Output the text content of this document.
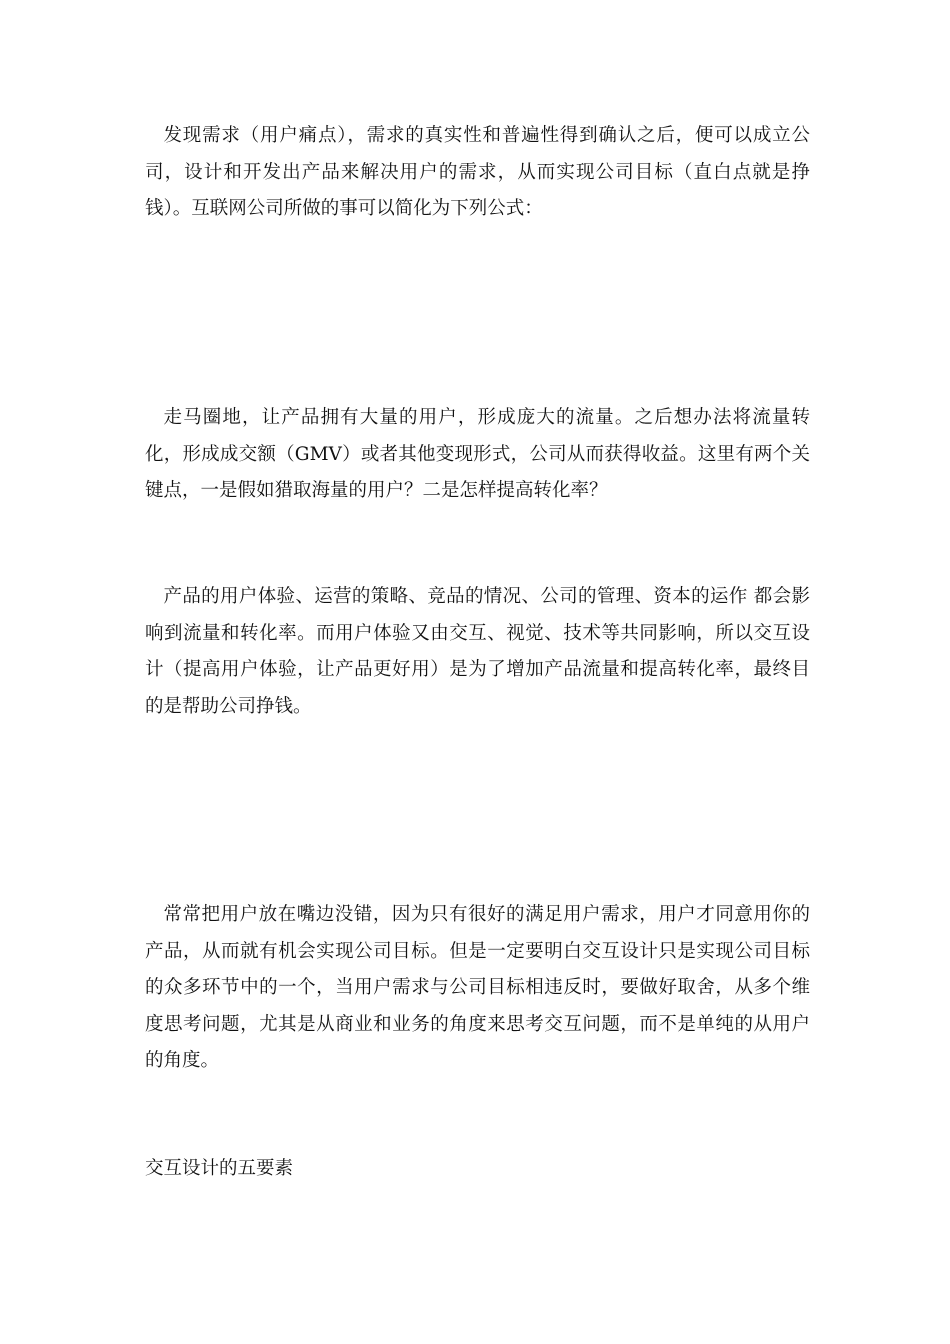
发现需求（用户痛点），需求的真实性和普遍性得到确认之后，便可以成立公司，设计和开发出产品来解决用户的需求，从而实现公司目标（直白点就是挣钱）。互联网公司所做的事可以简化为下列公式：

走马圈地，让产品拥有大量的用户，形成庞大的流量。之后想办法将流量转化，形成成交额（GMV）或者其他变现形式，公司从而获得收益。这里有两个关键点，一是假如猎取海量的用户？二是怎样提高转化率？

产品的用户体验、运营的策略、竞品的情况、公司的管理、资本的运作 都会影响到流量和转化率。而用户体验又由交互、视觉、技术等共同影响，所以交互设计（提高用户体验，让产品更好用）是为了增加产品流量和提高转化率，最终目的是帮助公司挣钱。

常常把用户放在嘴边没错，因为只有很好的满足用户需求，用户才同意用你的产品，从而就有机会实现公司目标。但是一定要明白交互设计只是实现公司目标的众多环节中的一个，当用户需求与公司目标相违反时，要做好取舍，从多个维度思考问题，尤其是从商业和业务的角度来思考交互问题，而不是单纯的从用户的角度。

交互设计的五要素
